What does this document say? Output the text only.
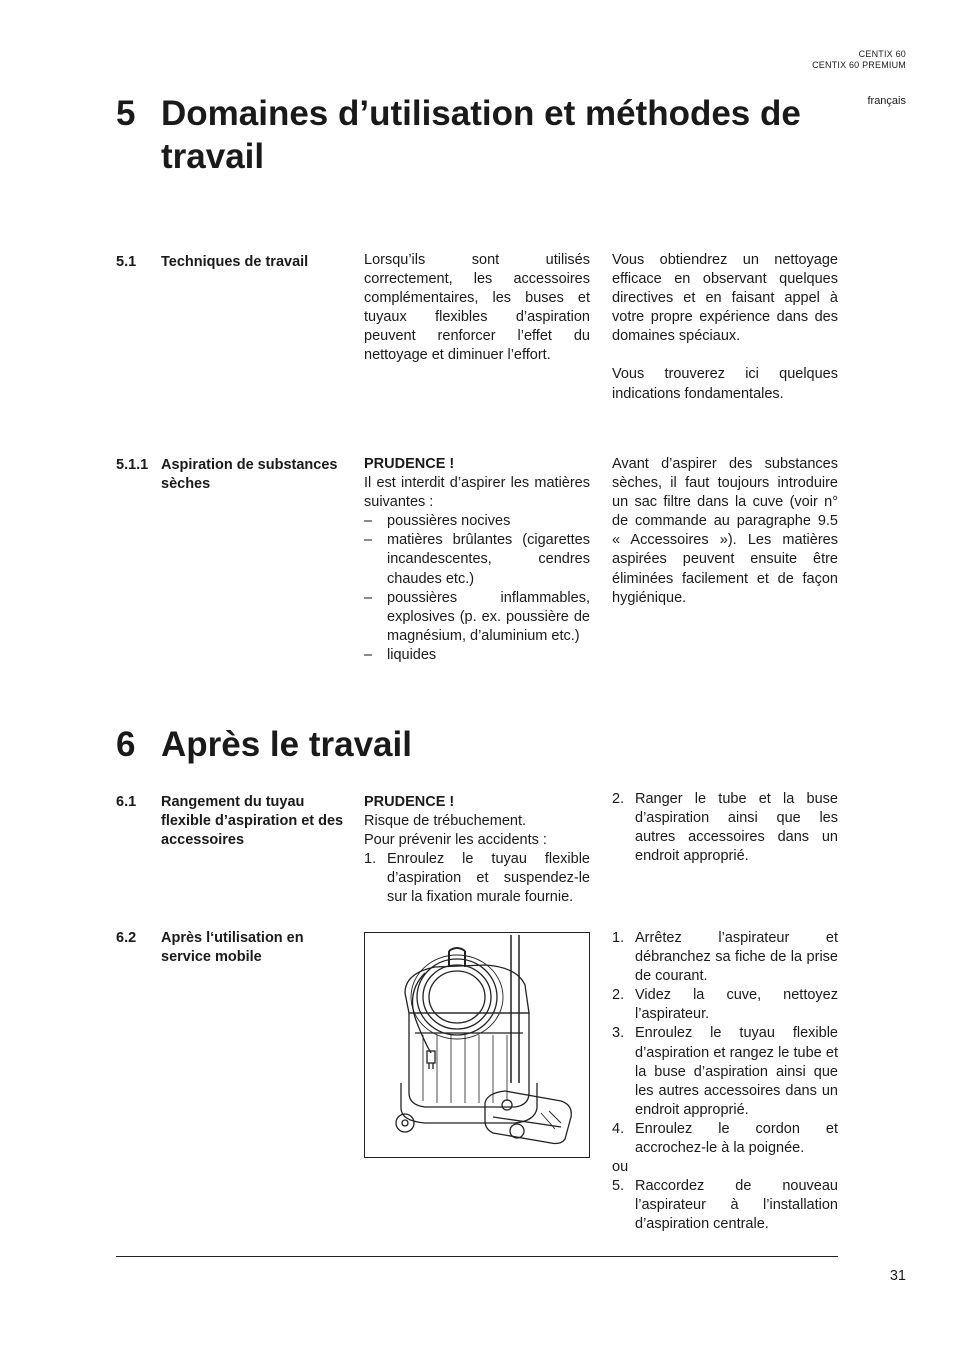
CENTIX 60
CENTIX 60 PREMIUM
français
5 Domaines d’utilisation et méthodes de travail
5.1 Techniques de travail	Lorsqu’ils sont utilisés correctement, les accessoires complémentaires, les buses et tuyaux flexibles d’aspiration peuvent renforcer l’effet du nettoyage et diminuer l’effort.

Vous obtiendrez un nettoyage efficace en observant quelques directives et en faisant appel à votre propre expérience dans des domaines spéciaux.

Vous trouverez ici quelques indications fondamentales.

5.1.1 Aspiration de substances sèches

PRUDENCE !

Il est interdit d’aspirer les matières suivantes :

– poussières nocives
– matières brûlantes (cigarettes incandescentes, cendres chaudes etc.)
– poussières inflammables, explosives (p. ex. poussière de magnésium, d’aluminium etc.)
– liquides

Avant d’aspirer des substances sèches, il faut toujours introduire un sac filtre dans la cuve (voir n° de commande au paragraphe 9.5 « Accessoires »). Les matières aspirées peuvent ensuite être éliminées facilement et de façon hygiénique.

6 Après le travail
6.1 Rangement du tuyau flexible d’aspiration et des accessoires

PRUDENCE !

Risque de trébuchement.

Pour prévenir les accidents :

1. Enroulez le tuyau flexible d’aspiration et suspendez-le sur la fixation murale fournie.
2. Ranger le tube et la buse d’aspiration ainsi que les autres accessoires dans un endroit approprié.
6.2 Après l‘utilisation en service mobile
1. Arrêtez l’aspirateur et débranchez sa fiche de la prise de courant.
2. Videz la cuve, nettoyez l’aspirateur.
3. Enroulez le tuyau flexible d’aspiration et rangez le tube et la buse d’aspiration ainsi que les autres accessoires dans un endroit approprié.
4. Enroulez le cordon et accrochez-le à la poignée.

ou

5. Raccordez de nouveau l’aspirateur à l’installation d’aspiration centrale.
31
